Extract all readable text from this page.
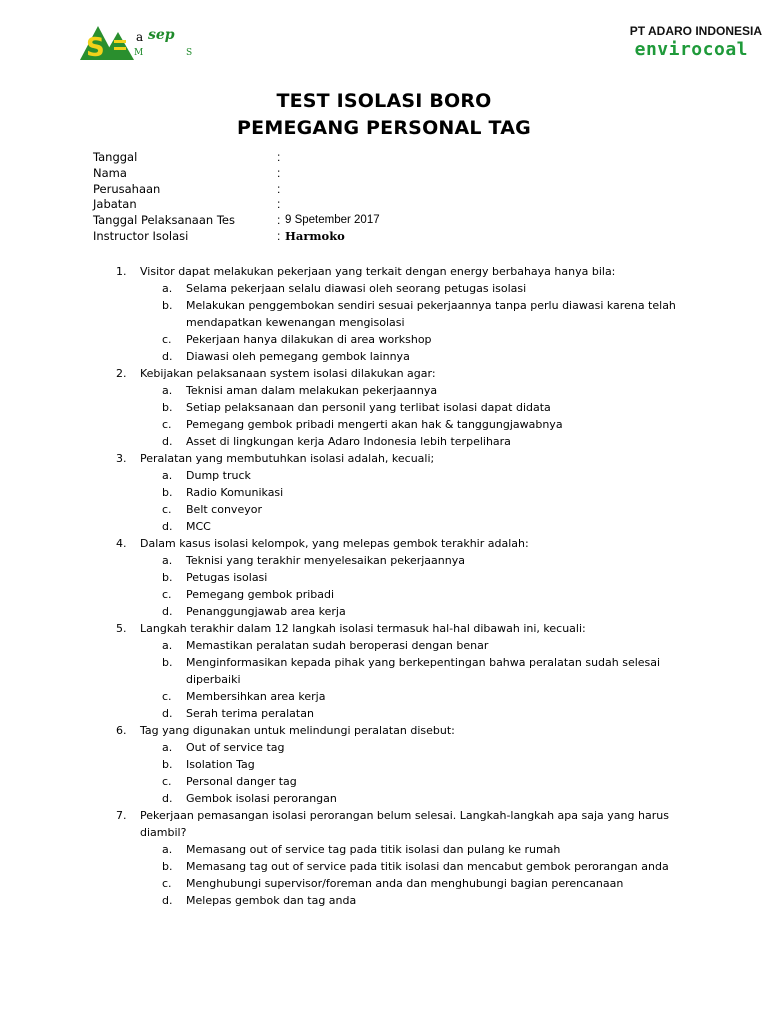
S	a sep
M	S
PT ADARO INDONESIA
envirocoal
TEST ISOLASI BORO
PEMEGANG PERSONAL TAG
Tanggal	:
Nama	:
Perusahaan	:
Jabatan	:
Tanggal Pelaksanaan Tes	: 9 Spetember 2017
Instructor Isolasi	: Harmoko
1.	Visitor dapat melakukan pekerjaan yang terkait dengan energy berbahaya hanya bila:
a.	Selama pekerjaan selalu diawasi oleh seorang petugas isolasi
b.	Melakukan penggembokan sendiri sesuai pekerjaannya tanpa perlu diawasi karena telah mendapatkan kewenangan mengisolasi
c.	Pekerjaan hanya dilakukan di area workshop
d.	Diawasi oleh pemegang gembok lainnya
2.	Kebijakan pelaksanaan system isolasi dilakukan agar:
a.	Teknisi aman dalam melakukan pekerjaannya
b.	Setiap pelaksanaan dan personil yang terlibat isolasi dapat didata
c.	Pemegang gembok pribadi mengerti akan hak & tanggungjawabnya
d.	Asset di lingkungan kerja Adaro Indonesia lebih terpelihara
3.	Peralatan yang membutuhkan isolasi adalah, kecuali;
a.	Dump truck
b.	Radio Komunikasi
c.	Belt conveyor
d.	MCC
4.	Dalam kasus isolasi kelompok, yang melepas gembok terakhir adalah:
a.	Teknisi yang terakhir menyelesaikan pekerjaannya
b.	Petugas isolasi
c.	Pemegang gembok pribadi
d.	Penanggungjawab area kerja
5.	Langkah terakhir dalam 12 langkah isolasi termasuk hal-hal dibawah ini, kecuali:
a.	Memastikan peralatan sudah beroperasi dengan benar
b.	Menginformasikan kepada pihak yang berkepentingan bahwa peralatan sudah selesai diperbaiki
c.	Membersihkan area kerja
d.	Serah terima peralatan
6.	Tag yang digunakan untuk melindungi peralatan disebut:
a.	Out of service tag
b.	Isolation Tag
c.	Personal danger tag
d.	Gembok isolasi perorangan
7.	Pekerjaan pemasangan isolasi perorangan belum selesai. Langkah-langkah apa saja yang harus diambil?
a.	Memasang out of service tag pada titik isolasi dan pulang ke rumah
b.	Memasang tag out of service pada titik isolasi dan mencabut gembok perorangan anda
c.	Menghubungi supervisor/foreman anda dan menghubungi bagian perencanaan
d.	Melepas gembok dan tag anda
